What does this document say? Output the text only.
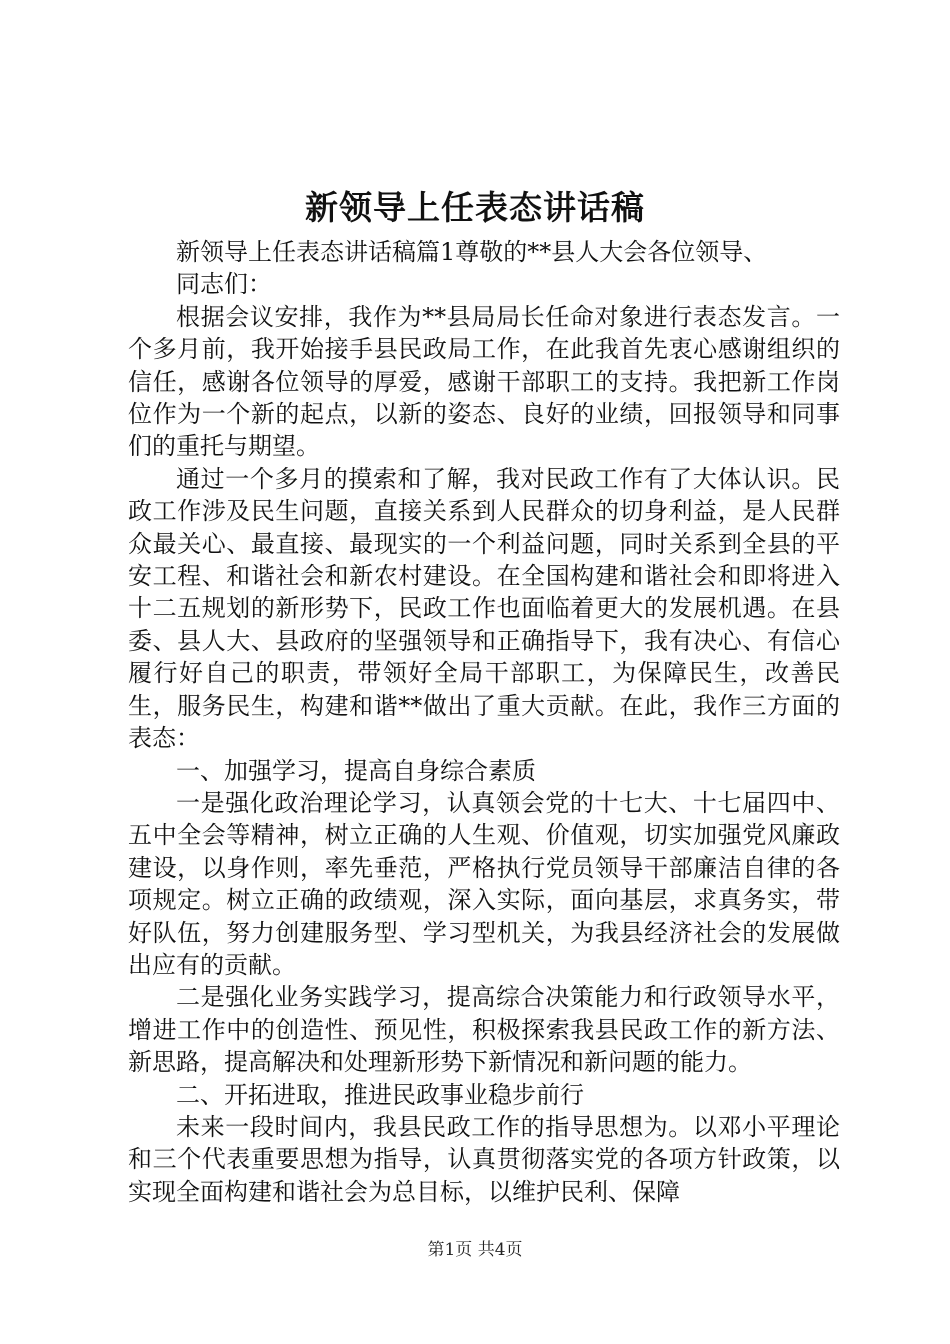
新领导上任表态讲话稿

新领导上任表态讲话稿篇1尊敬的**县人大会各位领导、

同志们：

根据会议安排，我作为**县局局长任命对象进行表态发言。一个多月前，我开始接手县民政局工作，在此我首先衷心感谢组织的信任，感谢各位领导的厚爱，感谢干部职工的支持。我把新工作岗位作为一个新的起点，以新的姿态、良好的业绩，回报领导和同事们的重托与期望。

通过一个多月的摸索和了解，我对民政工作有了大体认识。民政工作涉及民生问题，直接关系到人民群众的切身利益，是人民群众最关心、最直接、最现实的一个利益问题，同时关系到全县的平安工程、和谐社会和新农村建设。在全国构建和谐社会和即将进入十二五规划的新形势下，民政工作也面临着更大的发展机遇。在县委、县人大、县政府的坚强领导和正确指导下，我有决心、有信心履行好自己的职责，带领好全局干部职工，为保障民生，改善民生，服务民生，构建和谐**做出了重大贡献。在此，我作三方面的表态：

一、加强学习，提高自身综合素质

一是强化政治理论学习，认真领会党的十七大、十七届四中、五中全会等精神，树立正确的人生观、价值观，切实加强党风廉政建设，以身作则，率先垂范，严格执行党员领导干部廉洁自律的各项规定。树立正确的政绩观，深入实际，面向基层，求真务实，带好队伍，努力创建服务型、学习型机关，为我县经济社会的发展做出应有的贡献。

二是强化业务实践学习，提高综合决策能力和行政领导水平，增进工作中的创造性、预见性，积极探索我县民政工作的新方法、新思路，提高解决和处理新形势下新情况和新问题的能力。

二、开拓进取，推进民政事业稳步前行

未来一段时间内，我县民政工作的指导思想为。以邓小平理论和三个代表重要思想为指导，认真贯彻落实党的各项方针政策，以实现全面构建和谐社会为总目标，以维护民利、保障

第1页 共4页
